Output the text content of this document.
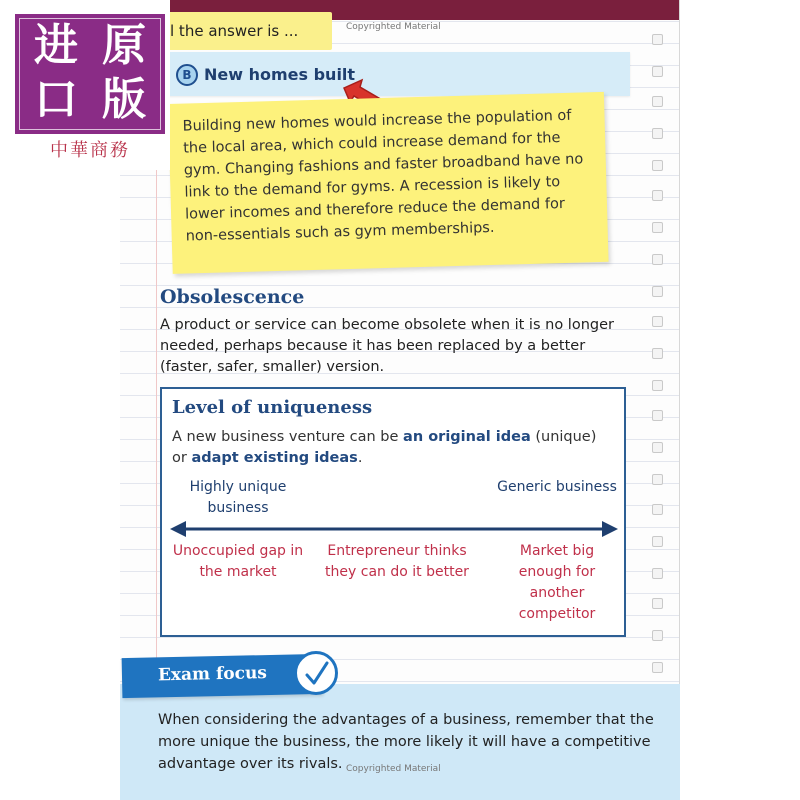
Copyrighted Material
l the answer is ...
B New homes built

Building new homes would increase the population of the local area, which could increase demand for the gym. Changing fashions and faster broadband have no link to the demand for gyms. A recession is likely to lower incomes and therefore reduce the demand for non-essentials such as gym memberships.

Obsolescence
A product or service can become obsolete when it is no longer needed, perhaps because it has been replaced by a better (faster, safer, smaller) version.
Level of uniqueness
A new business venture can be an original idea (unique) or adapt existing ideas.
Highly unique business
Generic business
Unoccupied gap in the market
Entrepreneur thinks they can do it better
Market big enough for another competitor
Exam focus
When considering the advantages of a business, remember that the more unique the business, the more likely it will have a competitive advantage over its rivals. Copyrighted Material
进 原
口 版
中華商務
